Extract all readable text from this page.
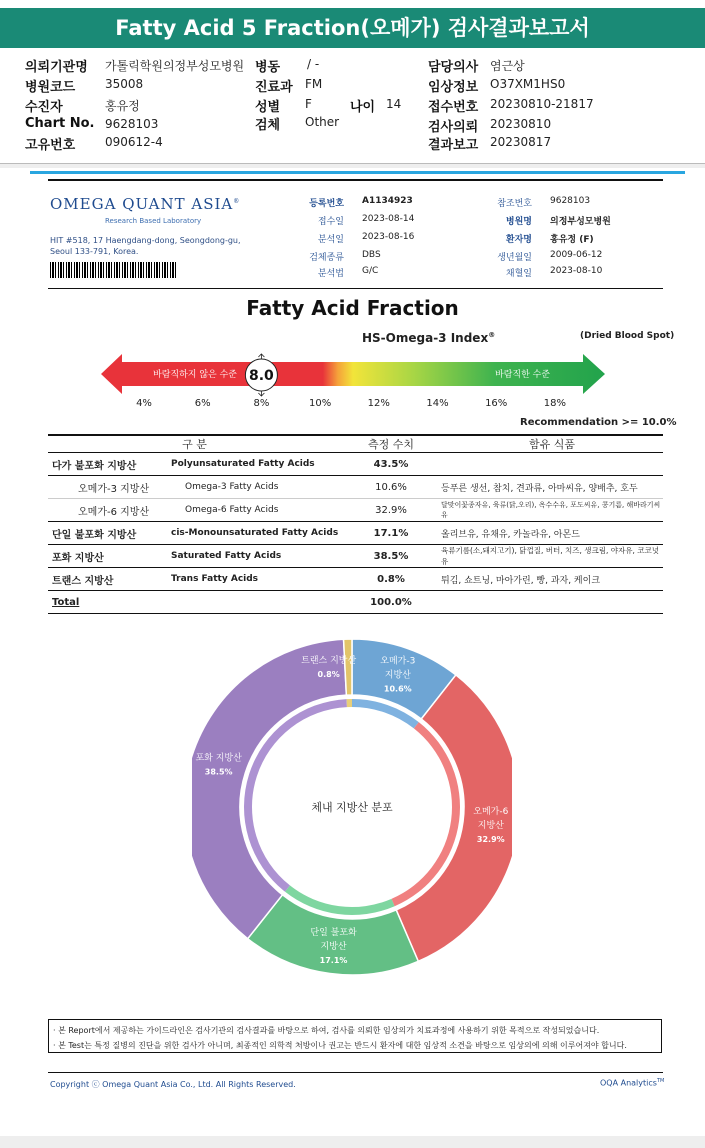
Fatty Acid 5 Fraction(오메가) 검사결과보고서
의뢰기관명 가톨릭학원의정부성모병원
병원코드 35008
수진자	홍유정
Chart No. 9628103
고유번호 090612-4
병동 / -
진료과 FM
성별 F
검체 Other
나이 14
담당의사 염근상
임상정보 O37XM1HS0
접수번호 20230810-21817
검사의뢰 20230810
결과보고 20230817
OMEGA QUANT ASIA®
Research Based Laboratory
HIT #518, 17 Haengdang-dong, Seongdong-gu,
Seoul 133-791, Korea.
등록번호 A1134923
접수일 2023-08-14
분석일 2023-08-16
검체종류 DBS
분석법 G/C
참조번호 9628103
병원명 의정부성모병원
환자명 홍유정 (F)
생년월일 2009-06-12
채혈일 2023-08-10
Fatty Acid Fraction
HS-Omega-3 Index®	(Dried Blood Spot)
바람직하지 않은 수준	바람직한 수준
8.0
4%	6%	8%	10%	12%	14%	16%	18%
Recommendation >= 10.0%
구 분		측정 수치	함유 식품
다가 불포화 지방산	Polyunsaturated Fatty Acids	43.5%	
오메가-3 지방산	Omega-3 Fatty Acids	10.6%	등푸른 생선, 참치, 견과류, 아마씨유, 양배추, 호두
오메가-6 지방산	Omega-6 Fatty Acids	32.9%	달맞이꽃종자유, 육류(닭,오리), 옥수수유, 포도씨유, 콩기름, 해바라기씨유
단일 불포화 지방산	cis-Monounsaturated Fatty Acids	17.1%	올리브유, 유채유, 카놀라유, 아몬드
포화 지방산	Saturated Fatty Acids	38.5%	육류기름(소,돼지고기), 닭껍질, 버터, 치즈, 생크림, 야자유, 코코넛유
트랜스 지방산	Trans Fatty Acids	0.8%	튀김, 쇼트닝, 마아가린, 빵, 과자, 케이크
Total		100.0%	
오메가-3
지방산
10.6%
오메가-6
지방산
32.9%
단일 불포화
지방산
17.1%
포화 지방산
38.5%
트랜스 지방산
0.8%
체내 지방산 분포
· 본 Report에서 제공하는 가이드라인은 검사기관의 검사결과를 바탕으로 하여, 검사를 의뢰한 임상의가 치료과정에 사용하기 위한 목적으로 작성되었습니다.
· 본 Test는 특정 질병의 진단을 위한 검사가 아니며, 최종적인 의학적 처방이나 권고는 반드시 환자에 대한 임상적 소견을 바탕으로 임상의에 의해 이루어져야 합니다.
Copyright ⓒ Omega Quant Asia Co., Ltd. All Rights Reserved.	OQA Analytics™
